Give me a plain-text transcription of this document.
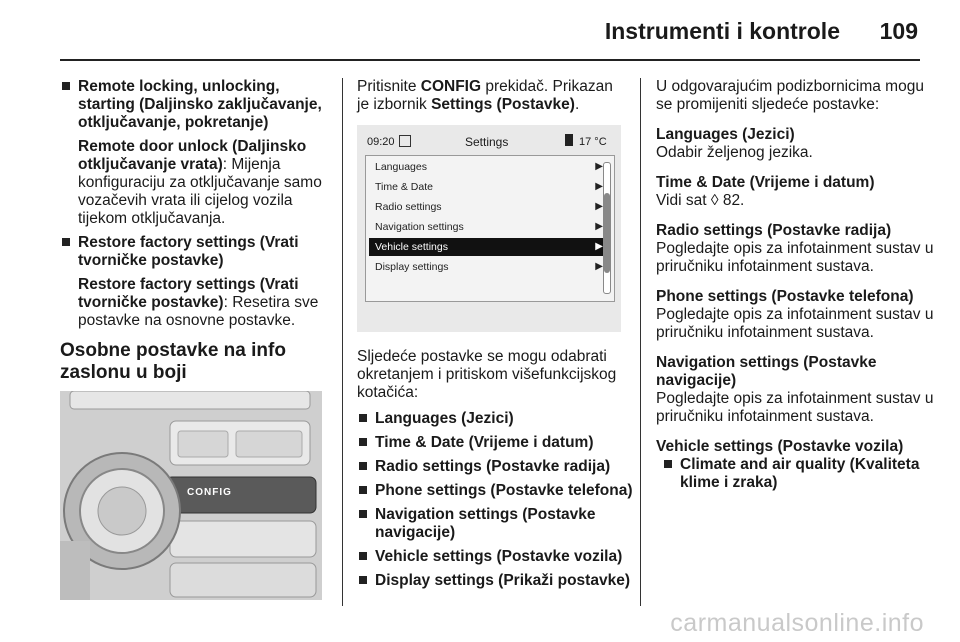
Instrumenti i kontrole 109
Remote locking, unlocking, starting (Daljinsko zaključavanje, otključavanje, pokretanje)
Remote door unlock (Daljinsko otključavanje vrata): Mijenja konfiguraciju za otključavanje samo vozačevih vrata ili cijelog vozila tijekom otključavanja.
Restore factory settings (Vrati tvorničke postavke)
Restore factory settings (Vrati tvorničke postavke): Resetira sve postavke na osnovne postavke.
Osobne postavke na info zaslonu u boji
CONFIG

Pritisnite CONFIG prekidač. Prikazan je izbornik Settings (Postavke).

09:20	Settings	17 °C
Languages	▶
Time & Date	▶
Radio settings	▶
Navigation settings	▶
Vehicle settings	▶
Display settings	▶

Sljedeće postavke se mogu odabrati okretanjem i pritiskom višefunkcijskog kotačića:

Languages (Jezici)
Time & Date (Vrijeme i datum)
Radio settings (Postavke radija)
Phone settings (Postavke telefona)
Navigation settings (Postavke navigacije)
Vehicle settings (Postavke vozila)
Display settings (Prikaži postavke)

U odgovarajućim podizbornicima mogu se promijeniti sljedeće postavke:

Languages (Jezici)
Odabir željenog jezika.
Time & Date (Vrijeme i datum)
Vidi sat ◊ 82.
Radio settings (Postavke radija)
Pogledajte opis za infotainment sustav u priručniku infotainment sustava.
Phone settings (Postavke telefona)
Pogledajte opis za infotainment sustav u priručniku infotainment sustava.
Navigation settings (Postavke navigacije)
Pogledajte opis za infotainment sustav u priručniku infotainment sustava.
Vehicle settings (Postavke vozila)
Climate and air quality (Kvaliteta klime i zraka)
carmanualsonline.info
